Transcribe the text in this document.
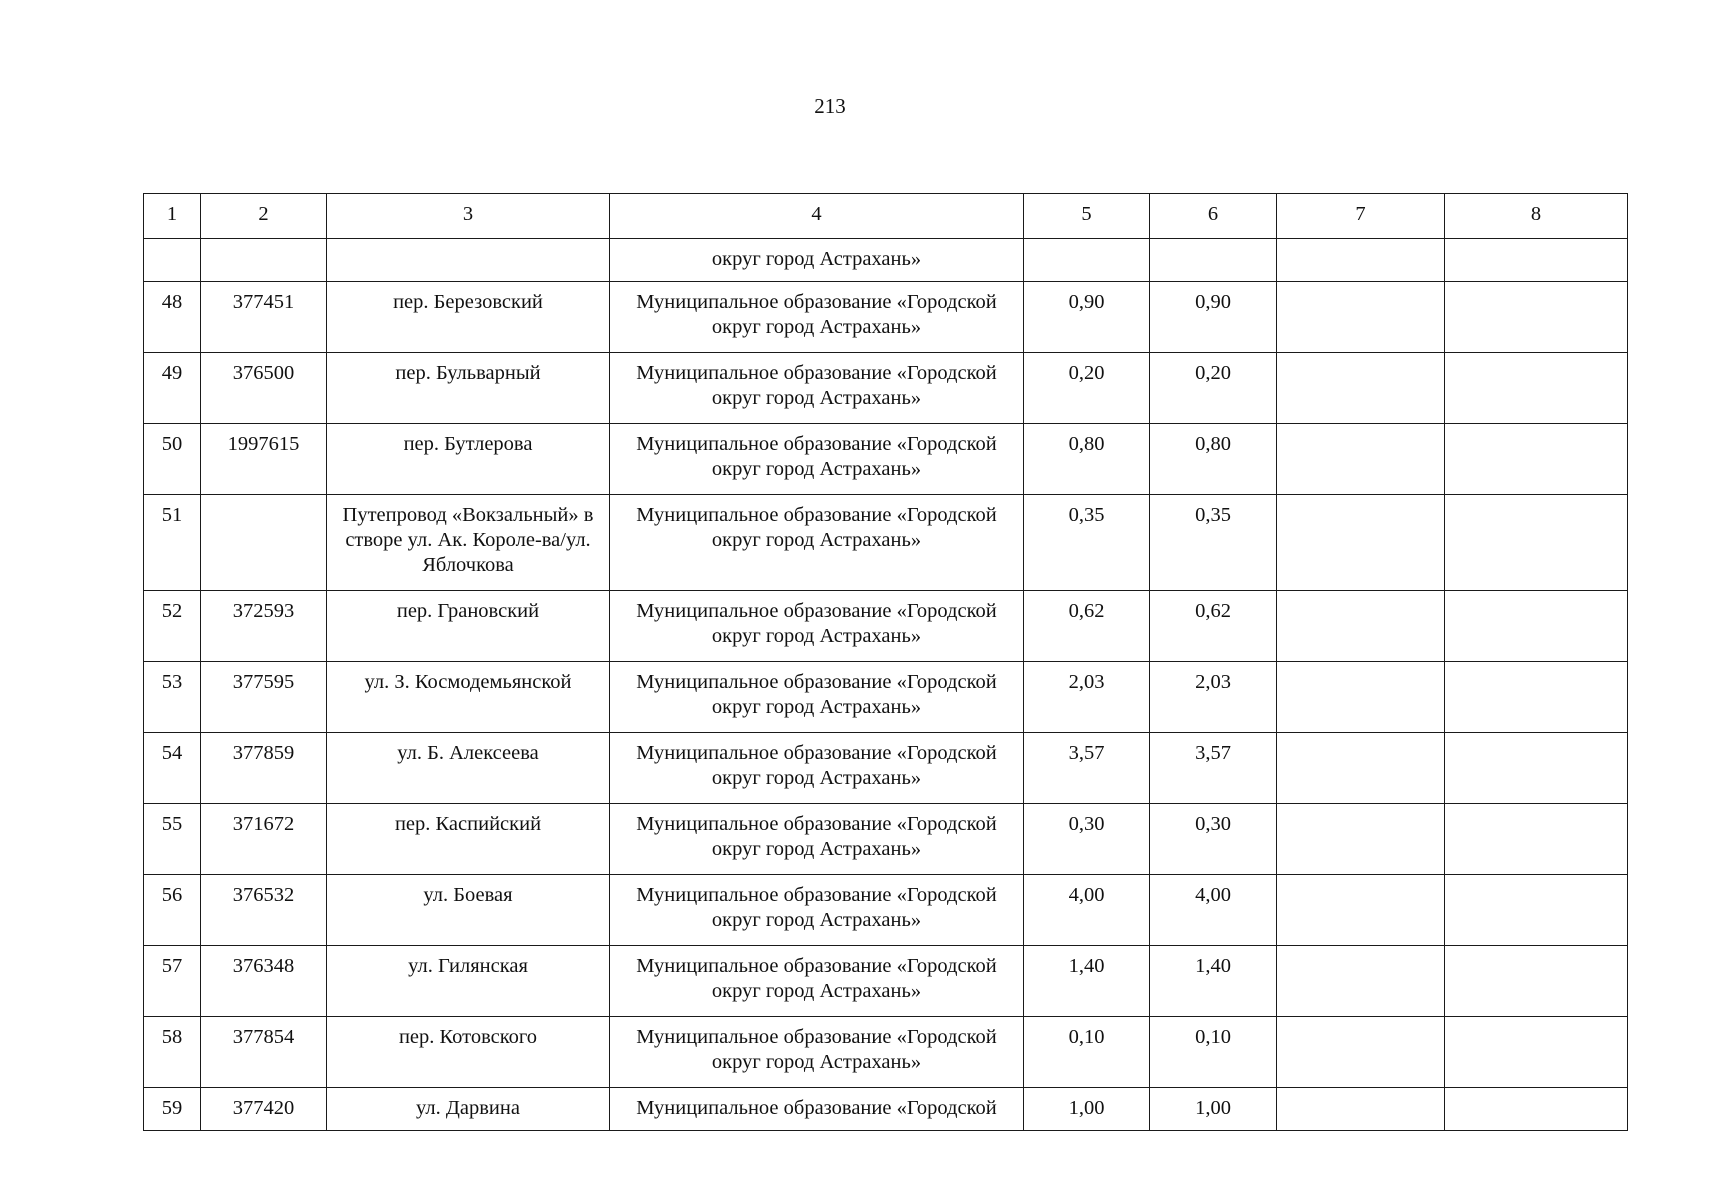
213
1	2	3	4	5	6	7	8
			округ город Астрахань»				
48	377451	пер. Березовский	Муниципальное образование «Городской округ город Астрахань»	0,90	0,90		
49	376500	пер. Бульварный	Муниципальное образование «Городской округ город Астрахань»	0,20	0,20		
50	1997615	пер. Бутлерова	Муниципальное образование «Городской округ город Астрахань»	0,80	0,80		
51		Путепровод «Вокзальный» в створе ул. Ак. Короле-ва/ул. Яблочкова	Муниципальное образование «Городской округ город Астрахань»	0,35	0,35		
52	372593	пер. Грановский	Муниципальное образование «Городской округ город Астрахань»	0,62	0,62		
53	377595	ул. З. Космодемьянской	Муниципальное образование «Городской округ город Астрахань»	2,03	2,03		
54	377859	ул. Б. Алексеева	Муниципальное образование «Городской округ город Астрахань»	3,57	3,57		
55	371672	пер. Каспийский	Муниципальное образование «Городской округ город Астрахань»	0,30	0,30		
56	376532	ул. Боевая	Муниципальное образование «Городской округ город Астрахань»	4,00	4,00		
57	376348	ул. Гилянская	Муниципальное образование «Городской округ город Астрахань»	1,40	1,40		
58	377854	пер. Котовского	Муниципальное образование «Городской округ город Астрахань»	0,10	0,10		
59	377420	ул. Дарвина	Муниципальное образование «Городской	1,00	1,00		
